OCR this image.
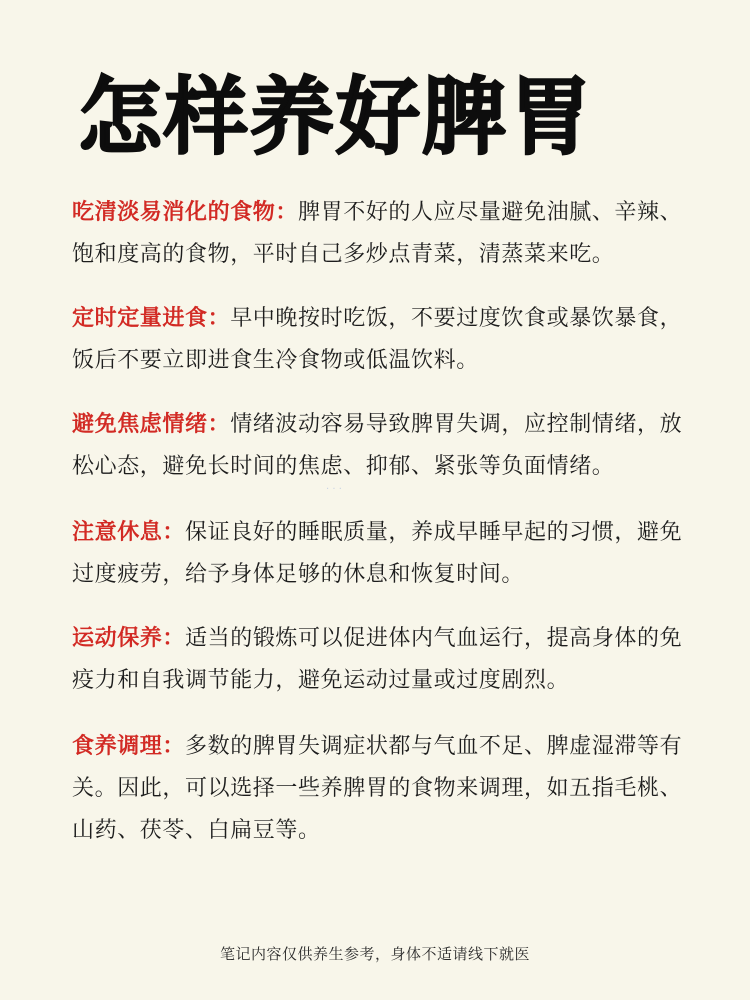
怎样养好脾胃
吃清淡易消化的食物：脾胃不好的人应尽量避免油腻、辛辣、饱和度高的食物，平时自己多炒点青菜，清蒸菜来吃。
定时定量进食：早中晚按时吃饭，不要过度饮食或暴饮暴食，饭后不要立即进食生冷食物或低温饮料。
避免焦虑情绪：情绪波动容易导致脾胃失调，应控制情绪，放松心态，避免长时间的焦虑、抑郁、紧张等负面情绪。
· · ·
注意休息：保证良好的睡眠质量，养成早睡早起的习惯，避免过度疲劳，给予身体足够的休息和恢复时间。
运动保养：适当的锻炼可以促进体内气血运行，提高身体的免疫力和自我调节能力，避免运动过量或过度剧烈。
食养调理：多数的脾胃失调症状都与气血不足、脾虚湿滞等有关。因此，可以选择一些养脾胃的食物来调理，如五指毛桃、山药、茯苓、白扁豆等。
笔记内容仅供养生参考，身体不适请线下就医
